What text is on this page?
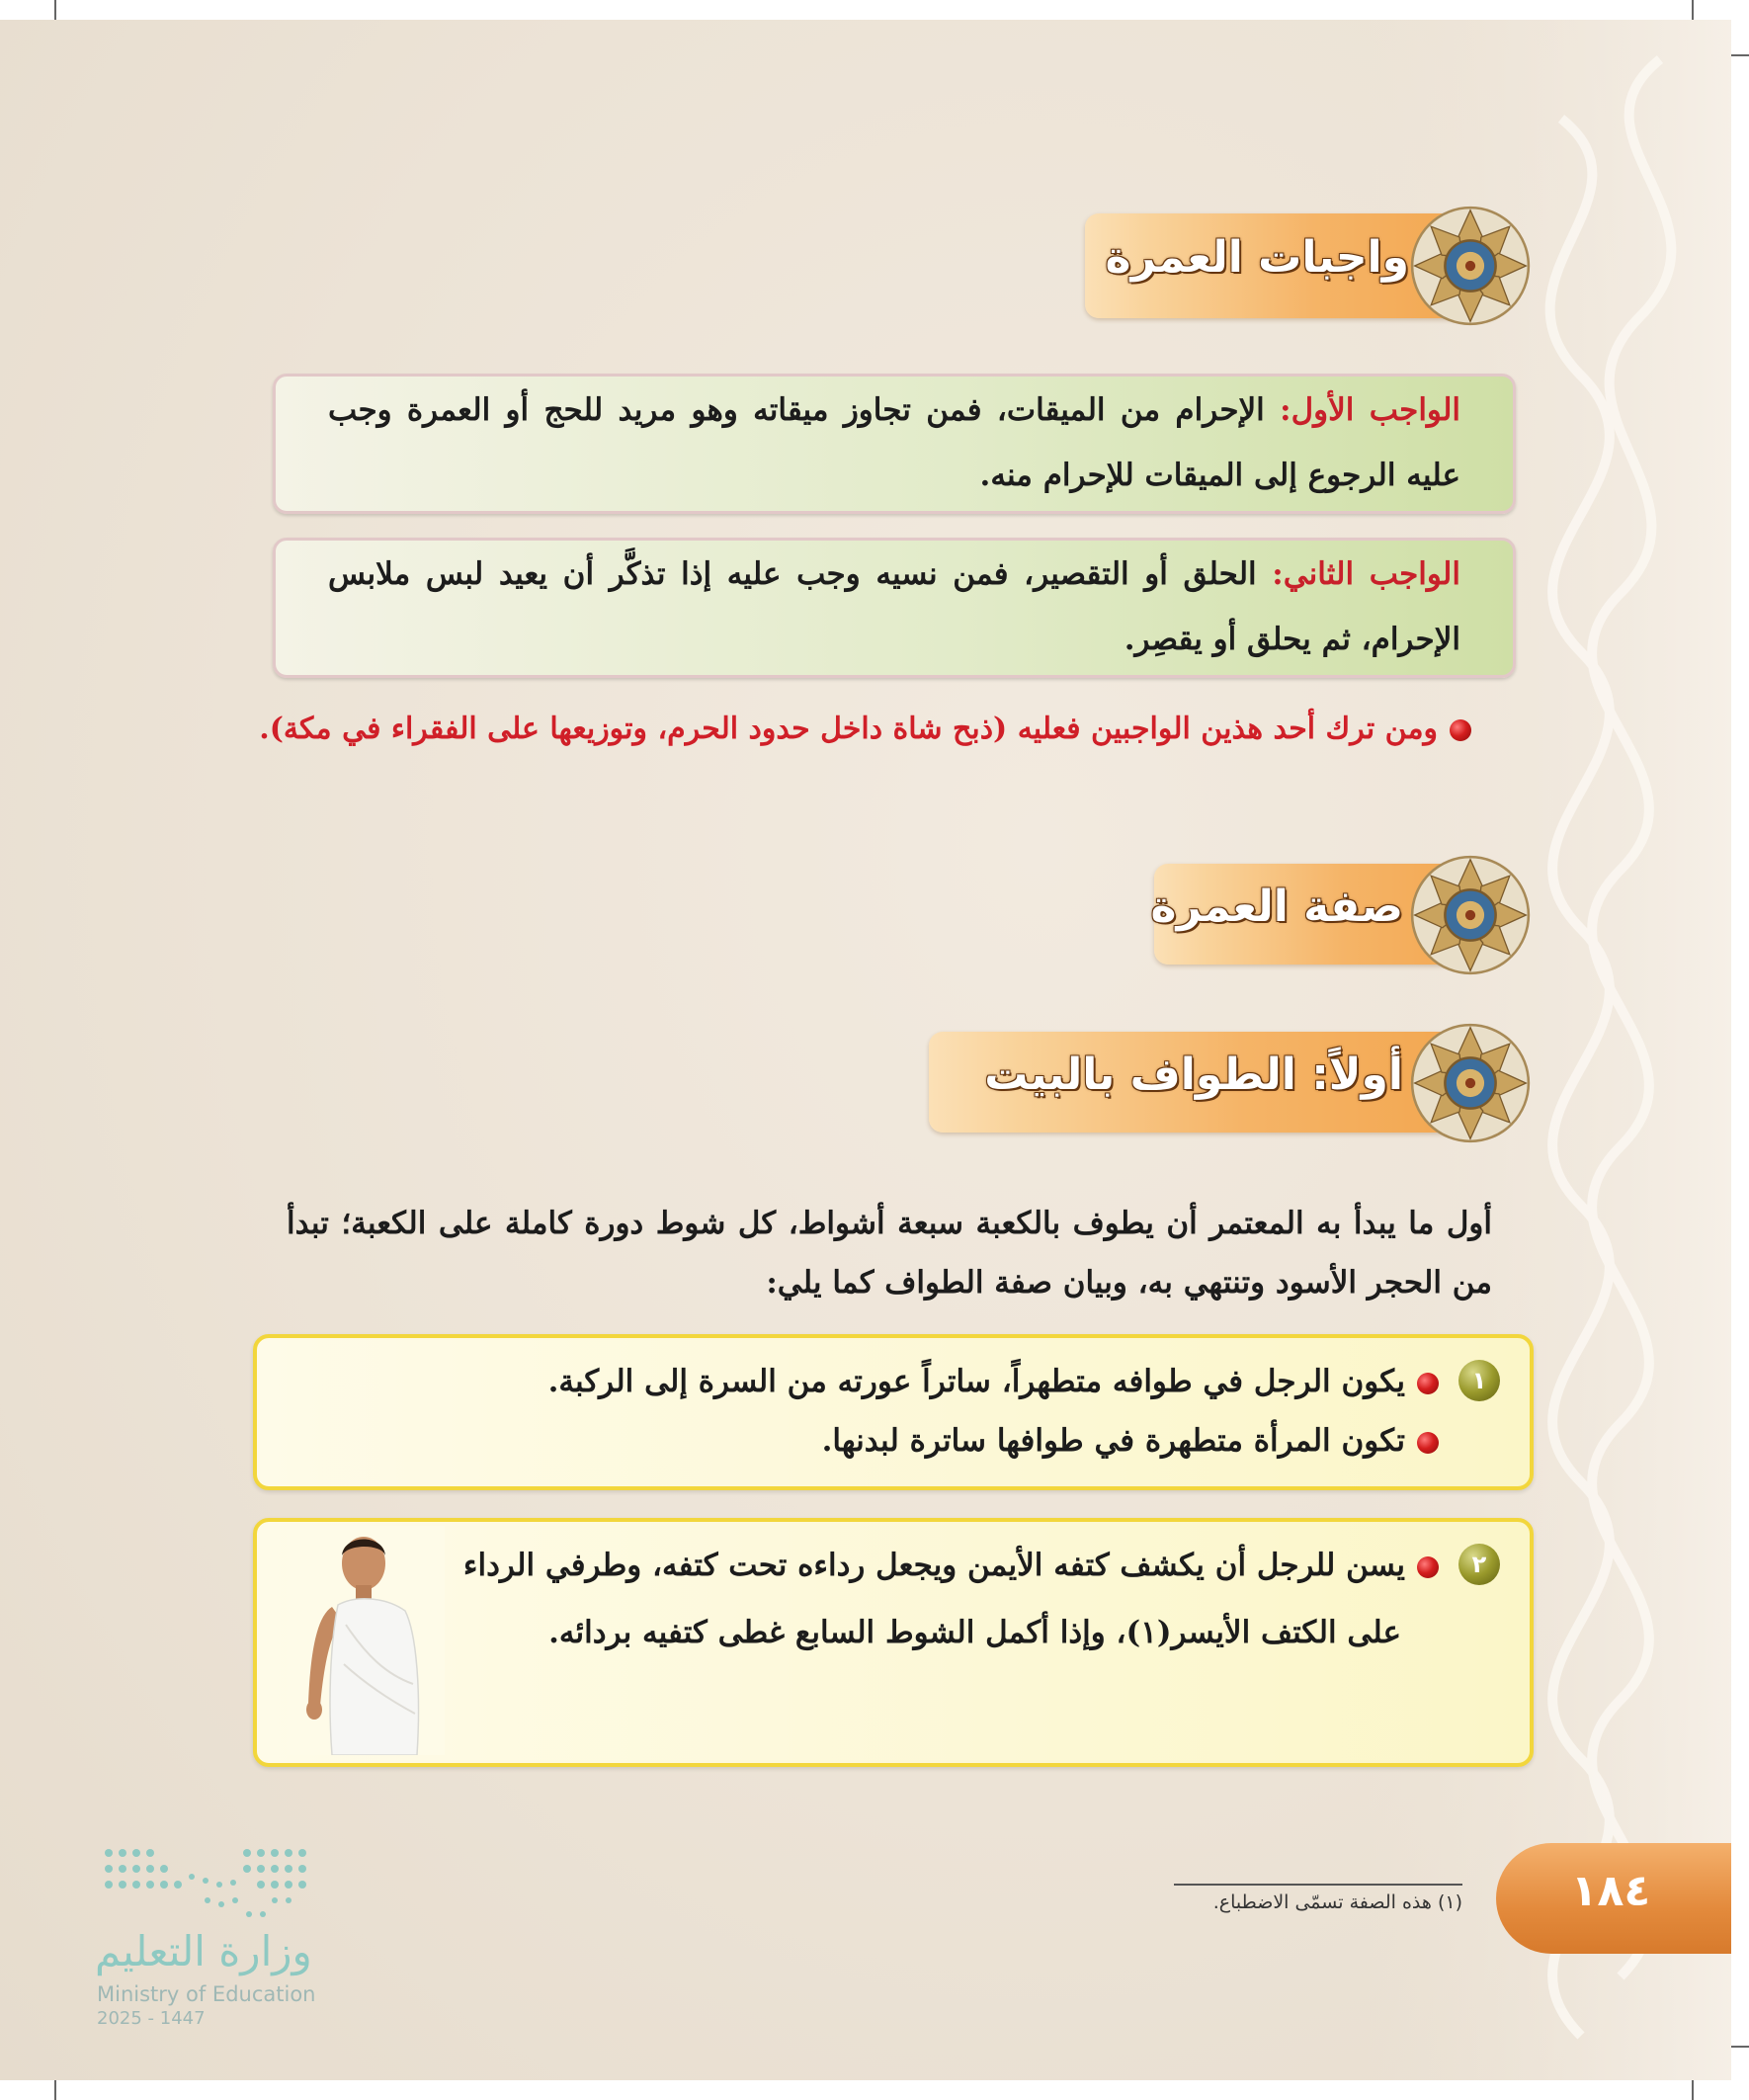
واجبات العمرة
الواجب الأول: الإحرام من الميقات، فمن تجاوز ميقاته وهو مريد للحج أو العمرة وجب عليه الرجوع إلى الميقات للإحرام منه.
الواجب الثاني: الحلق أو التقصير، فمن نسيه وجب عليه إذا تذكَّر أن يعيد لبس ملابس الإحرام، ثم يحلق أو يقصِر.
ومن ترك أحد هذين الواجبين فعليه (ذبح شاة داخل حدود الحرم، وتوزيعها على الفقراء في مكة).
صفة العمرة
أولاً: الطواف بالبيت
أول ما يبدأ به المعتمر أن يطوف بالكعبة سبعة أشواط، كل شوط دورة كاملة على الكعبة؛ تبدأ من الحجر الأسود وتنتهي به، وبيان صفة الطواف كما يلي:
١
يكون الرجل في طوافه متطهراً، ساتراً عورته من السرة إلى الركبة.
تكون المرأة متطهرة في طوافها ساترة لبدنها.
٢
يسن للرجل أن يكشف كتفه الأيمن ويجعل رداءه تحت كتفه، وطرفي الرداء
على الكتف الأيسر(١)، وإذا أكمل الشوط السابع غطى كتفيه بردائه.
(١) هذه الصفة تسمّى الاضطباع.	١٨٤
وزارة التعليم
Ministry of Education
2025 - 1447
